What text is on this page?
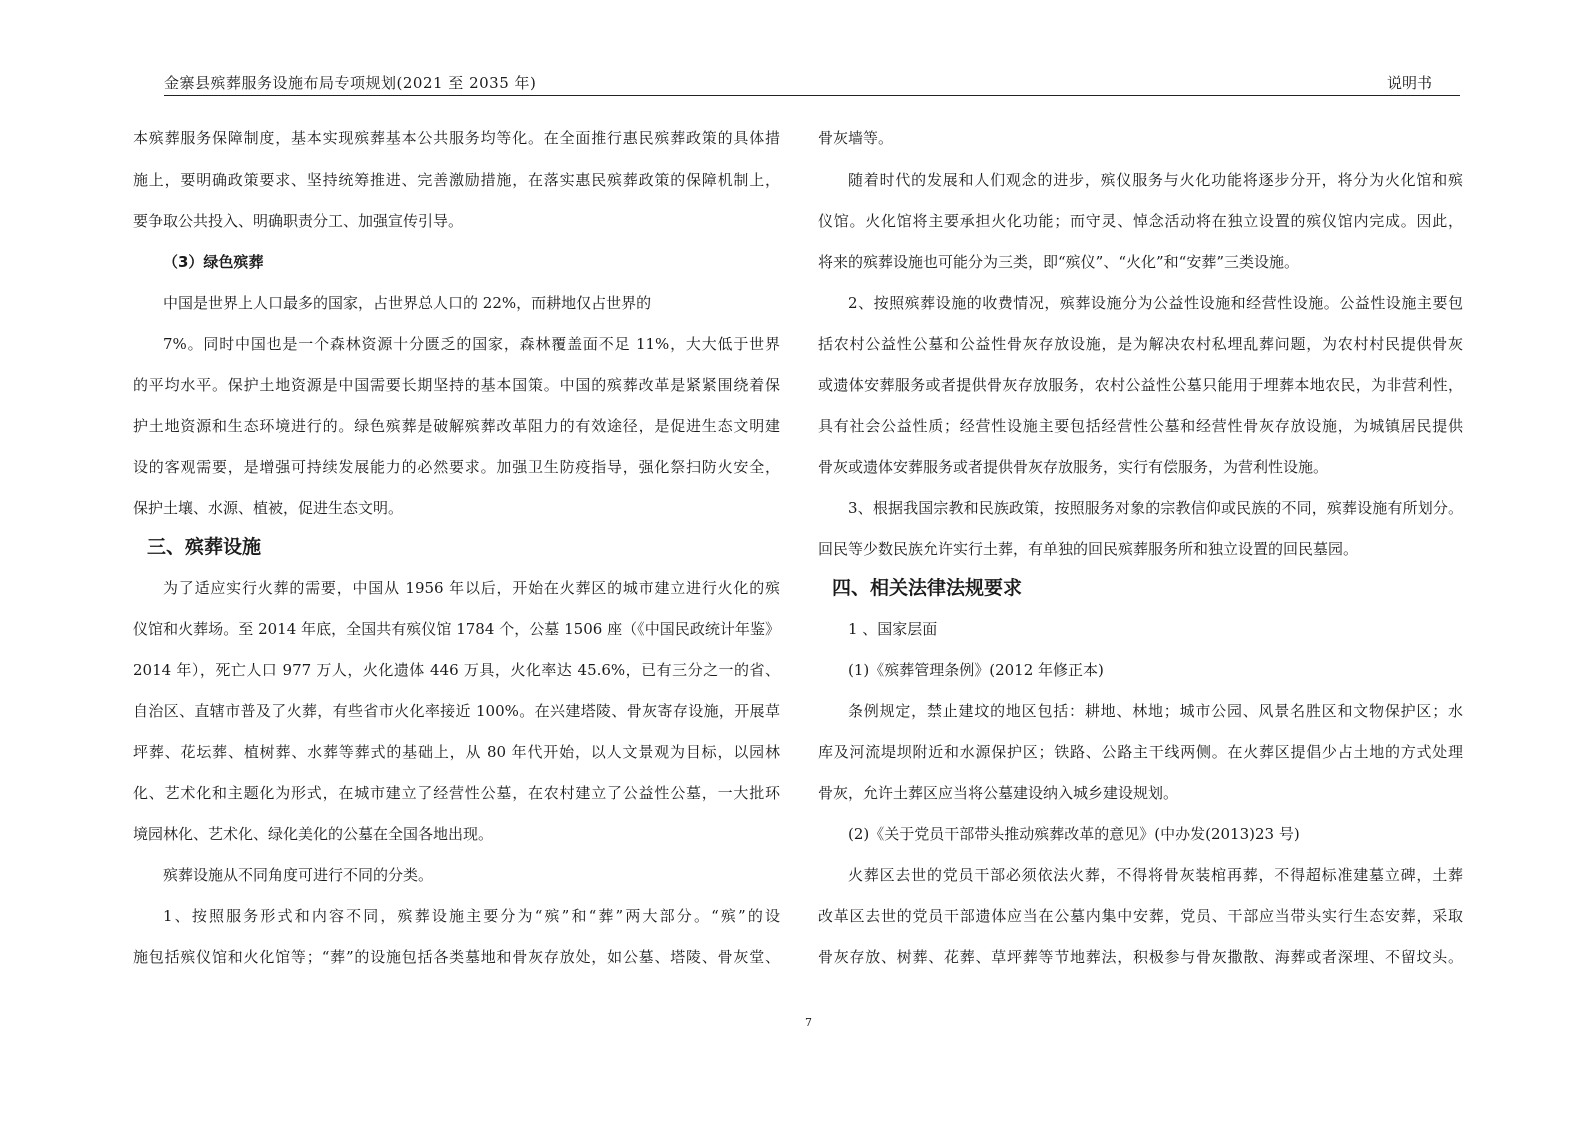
金寨县殡葬服务设施布局专项规划(2021 至 2035 年)	说明书
本殡葬服务保障制度，基本实现殡葬基本公共服务均等化。在全面推行惠民殡葬政策的具体措
施上，要明确政策要求、坚持统筹推进、完善激励措施，在落实惠民殡葬政策的保障机制上，
要争取公共投入、明确职责分工、加强宣传引导。
（3）绿色殡葬
中国是世界上人口最多的国家，占世界总人口的 22%，而耕地仅占世界的
7%。同时中国也是一个森林资源十分匮乏的国家，森林覆盖面不足 11%，大大低于世界
的平均水平。保护土地资源是中国需要长期坚持的基本国策。中国的殡葬改革是紧紧围绕着保
护土地资源和生态环境进行的。绿色殡葬是破解殡葬改革阻力的有效途径，是促进生态文明建
设的客观需要，是增强可持续发展能力的必然要求。加强卫生防疫指导，强化祭扫防火安全，
保护土壤、水源、植被，促进生态文明。
三、殡葬设施
为了适应实行火葬的需要，中国从 1956 年以后，开始在火葬区的城市建立进行火化的殡
仪馆和火葬场。至 2014 年底，全国共有殡仪馆 1784 个，公墓 1506 座（《中国民政统计年鉴》
2014 年），死亡人口 977 万人，火化遗体 446 万具，火化率达 45.6%，已有三分之一的省、
自治区、直辖市普及了火葬，有些省市火化率接近 100%。在兴建塔陵、骨灰寄存设施，开展草
坪葬、花坛葬、植树葬、水葬等葬式的基础上，从 80 年代开始，以人文景观为目标，以园林
化、艺术化和主题化为形式，在城市建立了经营性公墓，在农村建立了公益性公墓，一大批环
境园林化、艺术化、绿化美化的公墓在全国各地出现。
殡葬设施从不同角度可进行不同的分类。
1、按照服务形式和内容不同，殡葬设施主要分为“殡”和“葬”两大部分。“殡”的设
施包括殡仪馆和火化馆等；“葬”的设施包括各类墓地和骨灰存放处，如公墓、塔陵、骨灰堂、
骨灰墙等。
随着时代的发展和人们观念的进步，殡仪服务与火化功能将逐步分开，将分为火化馆和殡
仪馆。火化馆将主要承担火化功能；而守灵、悼念活动将在独立设置的殡仪馆内完成。因此，
将来的殡葬设施也可能分为三类，即“殡仪”、“火化”和“安葬”三类设施。
2、按照殡葬设施的收费情况，殡葬设施分为公益性设施和经营性设施。公益性设施主要包
括农村公益性公墓和公益性骨灰存放设施，是为解决农村私埋乱葬问题，为农村村民提供骨灰
或遗体安葬服务或者提供骨灰存放服务，农村公益性公墓只能用于埋葬本地农民，为非营利性，
具有社会公益性质；经营性设施主要包括经营性公墓和经营性骨灰存放设施，为城镇居民提供
骨灰或遗体安葬服务或者提供骨灰存放服务，实行有偿服务，为营利性设施。
3、根据我国宗教和民族政策，按照服务对象的宗教信仰或民族的不同，殡葬设施有所划分。
回民等少数民族允许实行土葬，有单独的回民殡葬服务所和独立设置的回民墓园。
四、相关法律法规要求
1 、国家层面
(1)《殡葬管理条例》(2012 年修正本)
条例规定，禁止建坟的地区包括：耕地、林地；城市公园、风景名胜区和文物保护区；水
库及河流堤坝附近和水源保护区；铁路、公路主干线两侧。在火葬区提倡少占土地的方式处理
骨灰，允许土葬区应当将公墓建设纳入城乡建设规划。
(2)《关于党员干部带头推动殡葬改革的意见》(中办发(2013)23 号)
火葬区去世的党员干部必须依法火葬，不得将骨灰装棺再葬，不得超标准建墓立碑，土葬
改革区去世的党员干部遗体应当在公墓内集中安葬，党员、干部应当带头实行生态安葬，采取
骨灰存放、树葬、花葬、草坪葬等节地葬法，积极参与骨灰撒散、海葬或者深埋、不留坟头。
7
